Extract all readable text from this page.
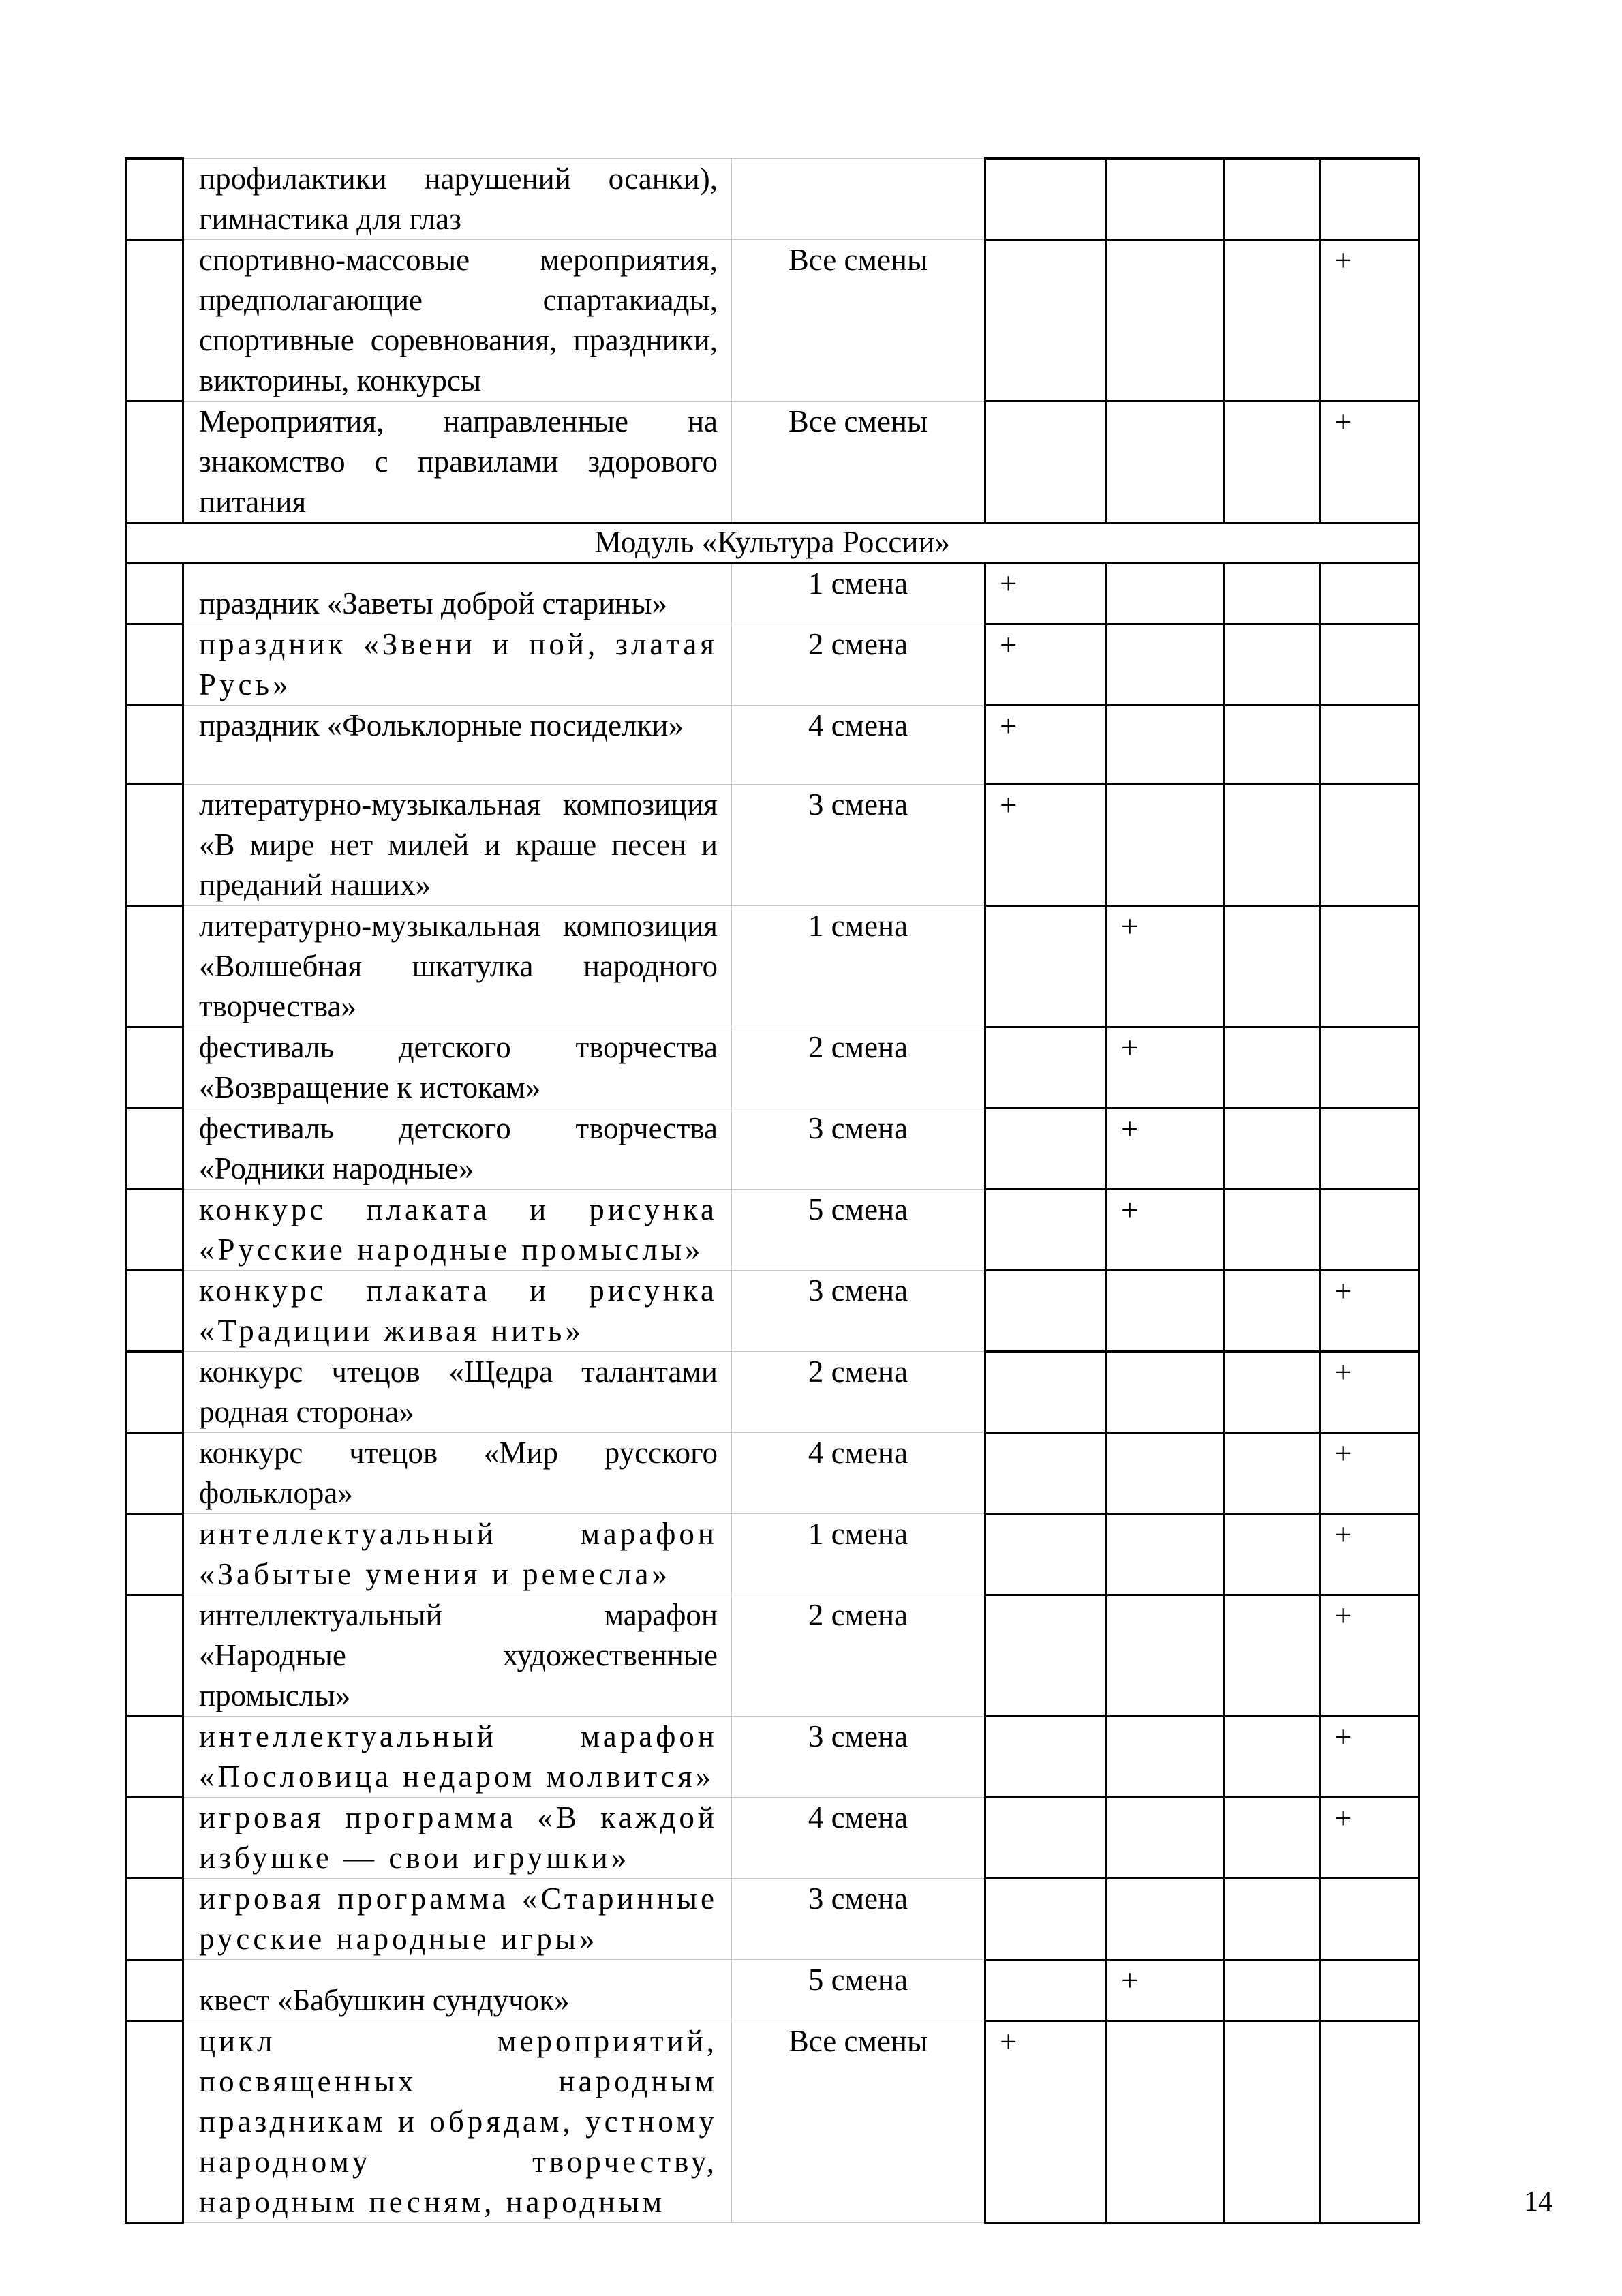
	профилактики нарушений осанки), гимнастика для глаз					

	спортивно-массовые мероприятия, предполагающие спартакиады, спортивные соревнования, праздники, викторины, конкурсы	Все смены				+

	Мероприятия, направленные на знакомство с правилами здорового питания	Все смены				+

Модуль «Культура России»						

	праздник «Заветы доброй старины»	1 смена	+			

	праздник «Звени и пой, златая Русь»	2 смена	+			

	праздник «Фольклорные посиделки»	4 смена	+			

	литературно-музыкальная композиция «В мире нет милей и краше песен и преданий наших»	3 смена	+			

	литературно-музыкальная композиция «Волшебная шкатулка народного творчества»	1 смена		+		

	фестиваль детского творчества «Возвращение к истокам»	2 смена		+		

	фестиваль детского творчества «Родники народные»	3 смена		+		

	конкурс плаката и рисунка «Русские народные промыслы»	5 смена		+		

	конкурс плаката и рисунка «Традиции живая нить»	3 смена				+

	конкурс чтецов «Щедра талантами родная сторона»	2 смена				+

	конкурс чтецов «Мир русского фольклора»	4 смена				+

	интеллектуальный марафон «Забытые умения и ремесла»	1 смена				+

	интеллектуальный марафон «Народные художественные промыслы»	2 смена				+

	интеллектуальный марафон «Пословица недаром молвится»	3 смена				+

	игровая программа «В каждой избушке — свои игрушки»	4 смена				+

	игровая программа «Старинные русские народные игры»	3 смена				

	квест «Бабушкин сундучок»	5 смена		+		

	цикл мероприятий, посвященных народным праздникам и обрядам, устному народному творчеству, народным песням, народным	Все смены	+			

14
